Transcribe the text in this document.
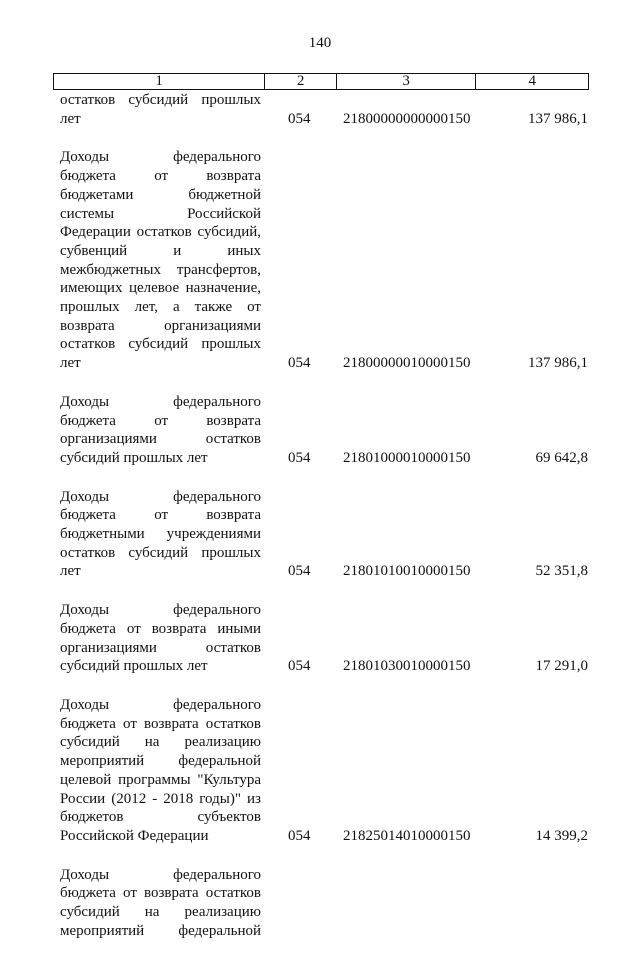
140
1	2	3	4
остатков субсидий прошлых
лет	054 21800000000000150	137 986,1
Доходы	федерального
бюджета	от	возврата
бюджетами	бюджетной
системы	Российской
Федерации остатков субсидий,
субвенций	и	иных
межбюджетных трансфертов,
имеющих целевое назначение,
прошлых лет, а также от
возврата	организациями
остатков субсидий прошлых
лет	054 21800000010000150	137 986,1
Доходы	федерального
бюджета	от	возврата
организациями	остатков
субсидий прошлых лет	054 21801000010000150	69 642,8
Доходы	федерального
бюджета	от	возврата
бюджетными учреждениями
остатков субсидий прошлых
лет	054 21801010010000150	52 351,8
Доходы	федерального
бюджета от возврата иными
организациями	остатков
субсидий прошлых лет	054 21801030010000150	17 291,0
Доходы	федерального
бюджета от возврата остатков
субсидий на реализацию
мероприятий федеральной
целевой программы "Культура
России (2012 - 2018 годы)" из
бюджетов	субъектов
Российской Федерации	054 21825014010000150	14 399,2
Доходы	федерального
бюджета от возврата остатков
субсидий на реализацию
мероприятий федеральной
